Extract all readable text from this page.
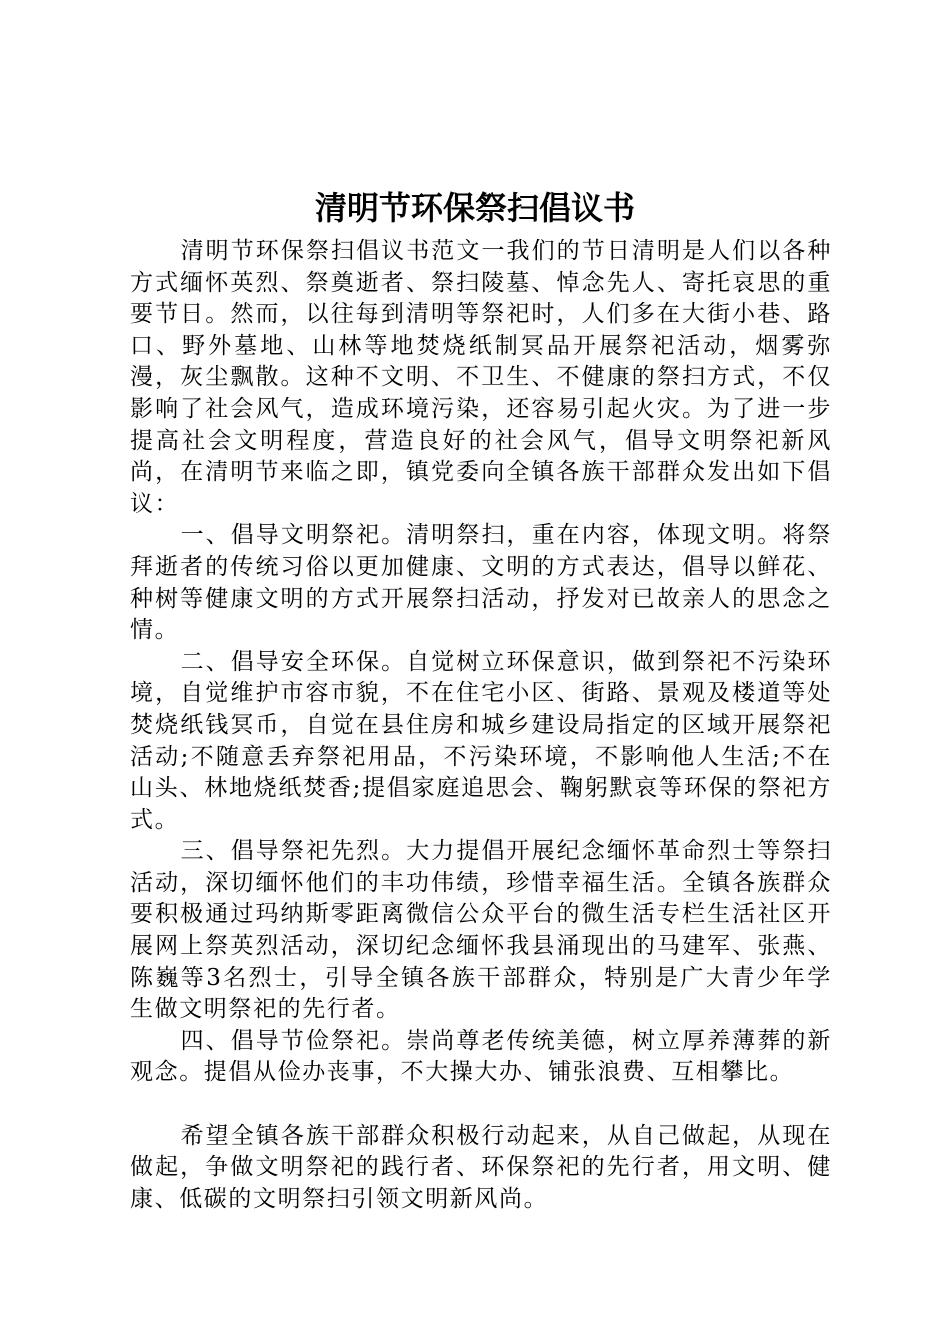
清明节环保祭扫倡议书

清明节环保祭扫倡议书范文一我们的节日清明是人们以各种方式缅怀英烈、祭奠逝者、祭扫陵墓、悼念先人、寄托哀思的重要节日。然而，以往每到清明等祭祀时，人们多在大街小巷、路口、野外墓地、山林等地焚烧纸制冥品开展祭祀活动，烟雾弥漫，灰尘飘散。这种不文明、不卫生、不健康的祭扫方式，不仅影响了社会风气，造成环境污染，还容易引起火灾。为了进一步提高社会文明程度，营造良好的社会风气，倡导文明祭祀新风尚，在清明节来临之即，镇党委向全镇各族干部群众发出如下倡议：

一、倡导文明祭祀。清明祭扫，重在内容，体现文明。将祭拜逝者的传统习俗以更加健康、文明的方式表达，倡导以鲜花、种树等健康文明的方式开展祭扫活动，抒发对已故亲人的思念之情。

二、倡导安全环保。自觉树立环保意识，做到祭祀不污染环境，自觉维护市容市貌，不在住宅小区、街路、景观及楼道等处焚烧纸钱冥币，自觉在县住房和城乡建设局指定的区域开展祭祀活动;不随意丢弃祭祀用品，不污染环境，不影响他人生活;不在山头、林地烧纸焚香;提倡家庭追思会、鞠躬默哀等环保的祭祀方式。

三、倡导祭祀先烈。大力提倡开展纪念缅怀革命烈士等祭扫活动，深切缅怀他们的丰功伟绩，珍惜幸福生活。全镇各族群众要积极通过玛纳斯零距离微信公众平台的微生活专栏生活社区开展网上祭英烈活动，深切纪念缅怀我县涌现出的马建军、张燕、陈巍等3名烈士，引导全镇各族干部群众，特别是广大青少年学生做文明祭祀的先行者。

四、倡导节俭祭祀。崇尚尊老传统美德，树立厚养薄葬的新观念。提倡从俭办丧事，不大操大办、铺张浪费、互相攀比。

希望全镇各族干部群众积极行动起来，从自己做起，从现在做起，争做文明祭祀的践行者、环保祭祀的先行者，用文明、健康、低碳的文明祭扫引领文明新风尚。
